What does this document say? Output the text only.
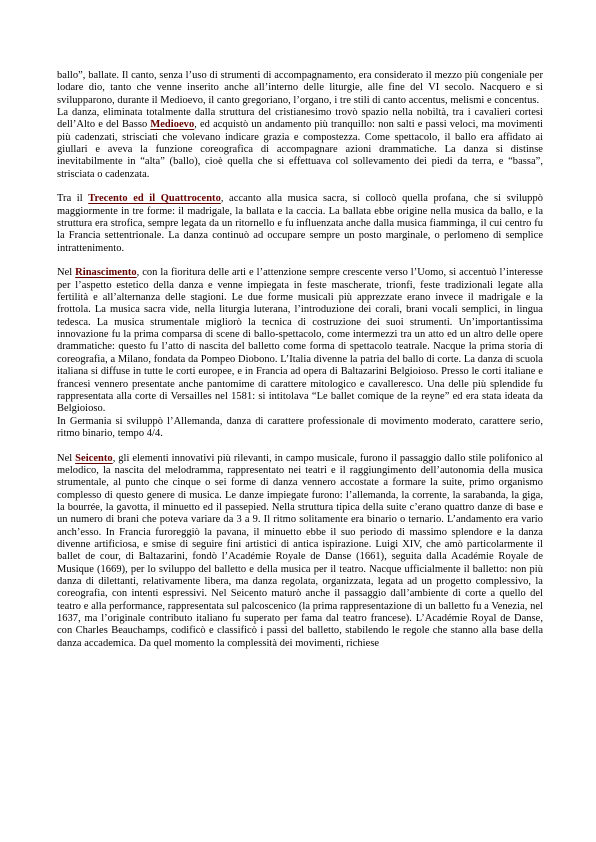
ballo”, ballate. Il canto, senza l’uso di strumenti di accompagnamento, era considerato il mezzo più congeniale per lodare dio, tanto che venne inserito anche all’interno delle liturgie, alle fine del VI secolo. Nacquero e si svilupparono, durante il Medioevo, il canto gregoriano, l’organo, i tre stili di canto accentus, melismi e concentus.

La danza, eliminata totalmente dalla struttura del cristianesimo trovò spazio nella nobiltà, tra i cavalieri cortesi dell’Alto e del Basso Medioevo, ed acquistò un andamento più tranquillo: non salti e passi veloci, ma movimenti più cadenzati, strisciati che volevano indicare grazia e compostezza. Come spettacolo, il ballo era affidato ai giullari e aveva la funzione coreografica di accompagnare azioni drammatiche. La danza si distinse inevitabilmente in “alta” (ballo), cioè quella che si effettuava col sollevamento dei piedi da terra, e “bassa”, strisciata o cadenzata.

Tra il Trecento ed il Quattrocento, accanto alla musica sacra, si collocò quella profana, che si sviluppò maggiormente in tre forme: il madrigale, la ballata e la caccia. La ballata ebbe origine nella musica da ballo, e la struttura era strofica, sempre legata da un ritornello e fu influenzata anche dalla musica fiamminga, il cui centro fu la Francia settentrionale. La danza continuò ad occupare sempre un posto marginale, o perlomeno di semplice intrattenimento.

Nel Rinascimento, con la fioritura delle arti e l’attenzione sempre crescente verso l’Uomo, si accentuò l’interesse per l’aspetto estetico della danza e venne impiegata in feste mascherate, trionfi, feste tradizionali legate alla fertilità e all’alternanza delle stagioni. Le due forme musicali più apprezzate erano invece il madrigale e la frottola. La musica sacra vide, nella liturgia luterana, l’introduzione dei corali, brani vocali semplici, in lingua tedesca. La musica strumentale migliorò la tecnica di costruzione dei suoi strumenti. Un’importantissima innovazione fu la prima comparsa di scene di ballo-spettacolo, come intermezzi tra un atto ed un altro delle opere drammatiche: questo fu l’atto di nascita del balletto come forma di spettacolo teatrale. Nacque la prima storia di coreografia, a Milano, fondata da Pompeo Diobono. L’Italia divenne la patria del ballo di corte. La danza di scuola italiana si diffuse in tutte le corti europee, e in Francia ad opera di Baltazarini Belgioioso. Presso le corti italiane e francesi vennero presentate anche pantomime di carattere mitologico e cavalleresco. Una delle più splendide fu rappresentata alla corte di Versailles nel 1581: si intitolava “Le ballet comique de la reyne” ed era stata ideata da Belgioioso.

In Germania si sviluppò l’Allemanda, danza di carattere professionale di movimento moderato, carattere serio, ritmo binario, tempo 4/4.

Nel Seicento, gli elementi innovativi più rilevanti, in campo musicale, furono il passaggio dallo stile polifonico al melodico, la nascita del melodramma, rappresentato nei teatri e il raggiungimento dell’autonomia della musica strumentale, al punto che cinque o sei forme di danza vennero accostate a formare la suite, primo organismo complesso di questo genere di musica. Le danze impiegate furono: l’allemanda, la corrente, la sarabanda, la giga, la bourrée, la gavotta, il minuetto ed il passepied. Nella struttura tipica della suite c’erano quattro danze di base e un numero di brani che poteva variare da 3 a 9. Il ritmo solitamente era binario o ternario. L’andamento era vario anch’esso. In Francia furoreggiò la pavana, il minuetto ebbe il suo periodo di massimo splendore e la danza divenne artificiosa, e smise di seguire fini artistici di antica ispirazione. Luigi XIV, che amò particolarmente il ballet de cour, di Baltazarini, fondò l’Académie Royale de Danse (1661), seguita dalla Académie Royale de Musique (1669), per lo sviluppo del balletto e della musica per il teatro. Nacque ufficialmente il balletto: non più danza di dilettanti, relativamente libera, ma danza regolata, organizzata, legata ad un progetto complessivo, la coreografia, con intenti espressivi. Nel Seicento maturò anche il passaggio dall’ambiente di corte a quello del teatro e alla performance, rappresentata sul palcoscenico (la prima rappresentazione di un balletto fu a Venezia, nel 1637, ma l’originale contributo italiano fu superato per fama dal teatro francese). L’Académie Royal de Danse, con Charles Beauchamps, codificò e classificò i passi del balletto, stabilendo le regole che stanno alla base della danza accademica. Da quel momento la complessità dei movimenti, richiese
